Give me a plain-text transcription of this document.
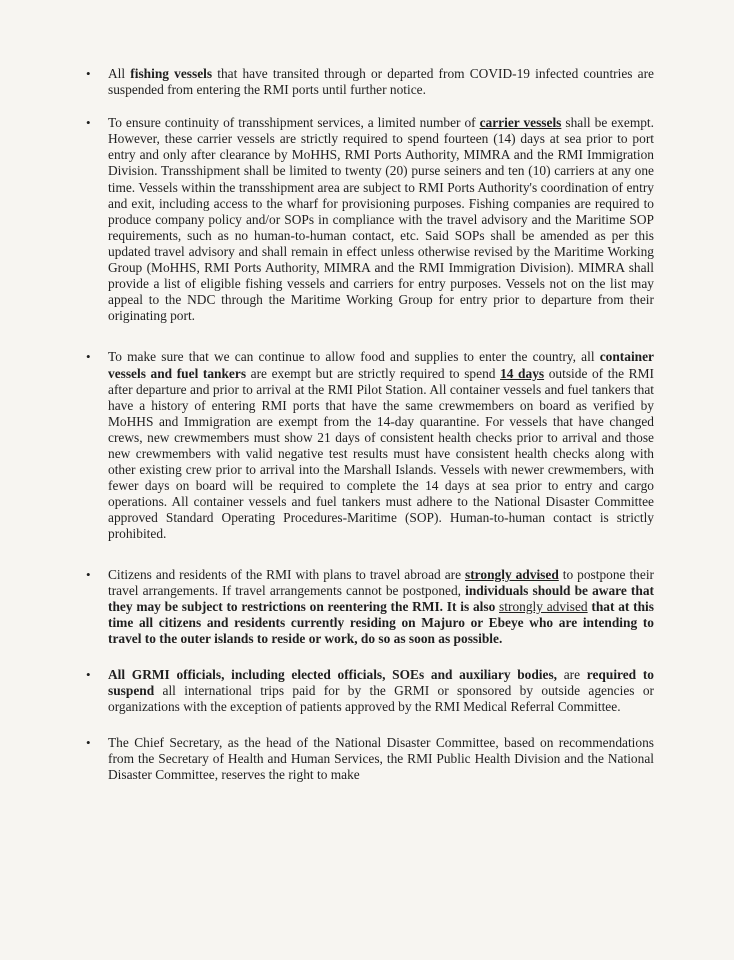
• All fishing vessels that have transited through or departed from COVID-19 infected countries are suspended from entering the RMI ports until further notice.
• To ensure continuity of transshipment services, a limited number of carrier vessels shall be exempt. However, these carrier vessels are strictly required to spend fourteen (14) days at sea prior to port entry and only after clearance by MoHHS, RMI Ports Authority, MIMRA and the RMI Immigration Division. Transshipment shall be limited to twenty (20) purse seiners and ten (10) carriers at any one time. Vessels within the transshipment area are subject to RMI Ports Authority's coordination of entry and exit, including access to the wharf for provisioning purposes. Fishing companies are required to produce company policy and/or SOPs in compliance with the travel advisory and the Maritime SOP requirements, such as no human-to-human contact, etc. Said SOPs shall be amended as per this updated travel advisory and shall remain in effect unless otherwise revised by the Maritime Working Group (MoHHS, RMI Ports Authority, MIMRA and the RMI Immigration Division). MIMRA shall provide a list of eligible fishing vessels and carriers for entry purposes. Vessels not on the list may appeal to the NDC through the Maritime Working Group for entry prior to departure from their originating port.
• To make sure that we can continue to allow food and supplies to enter the country, all container vessels and fuel tankers are exempt but are strictly required to spend 14 days outside of the RMI after departure and prior to arrival at the RMI Pilot Station. All container vessels and fuel tankers that have a history of entering RMI ports that have the same crewmembers on board as verified by MoHHS and Immigration are exempt from the 14-day quarantine. For vessels that have changed crews, new crewmembers must show 21 days of consistent health checks prior to arrival and those new crewmembers with valid negative test results must have consistent health checks along with other existing crew prior to arrival into the Marshall Islands. Vessels with newer crewmembers, with fewer days on board will be required to complete the 14 days at sea prior to entry and cargo operations. All container vessels and fuel tankers must adhere to the National Disaster Committee approved Standard Operating Procedures-Maritime (SOP). Human-to-human contact is strictly prohibited.
• Citizens and residents of the RMI with plans to travel abroad are strongly advised to postpone their travel arrangements. If travel arrangements cannot be postponed, individuals should be aware that they may be subject to restrictions on reentering the RMI. It is also strongly advised that at this time all citizens and residents currently residing on Majuro or Ebeye who are intending to travel to the outer islands to reside or work, do so as soon as possible.
• All GRMI officials, including elected officials, SOEs and auxiliary bodies, are required to suspend all international trips paid for by the GRMI or sponsored by outside agencies or organizations with the exception of patients approved by the RMI Medical Referral Committee.
• The Chief Secretary, as the head of the National Disaster Committee, based on recommendations from the Secretary of Health and Human Services, the RMI Public Health Division and the National Disaster Committee, reserves the right to make
